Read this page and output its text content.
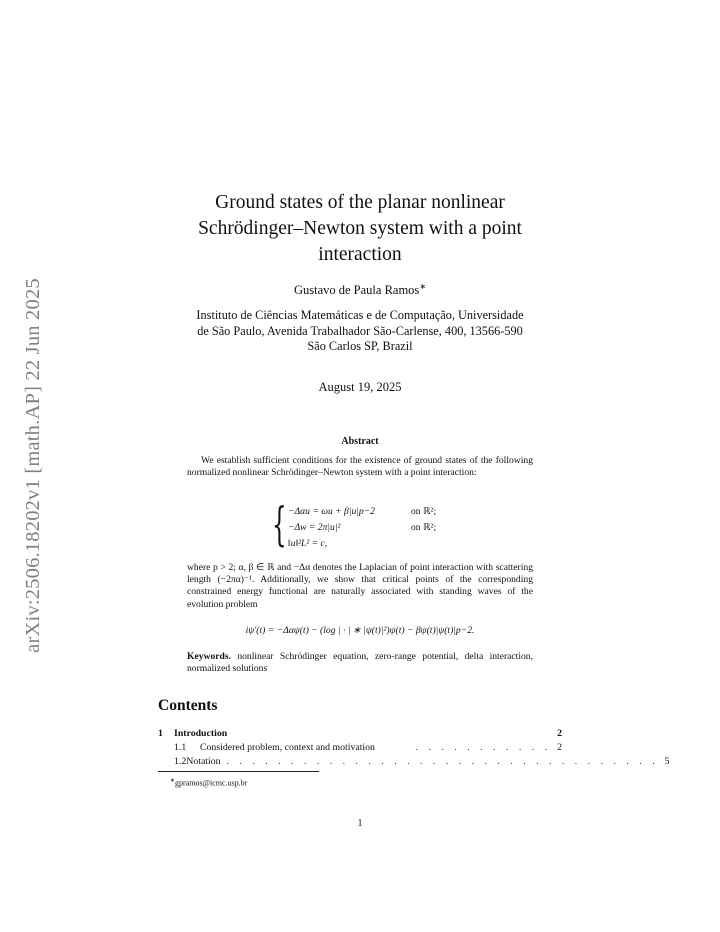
arXiv:2506.18202v1 [math.AP] 22 Jun 2025
Ground states of the planar nonlinear
Schrödinger–Newton system with a point
interaction
Gustavo de Paula Ramos∗
Instituto de Ciências Matemáticas e de Computação, Universidade
de São Paulo, Avenida Trabalhador São-Carlense, 400, 13566-590
São Carlos SP, Brazil
August 19, 2025
Abstract
We establish sufficient conditions for the existence of ground states of the following normalized nonlinear Schrödinger–Newton system with a point interaction:
{ −Δαu = ωu + β|u|p−2	on ℝ²;
−Δw = 2π|u|²	on ℝ²;
‖u‖²L² = c,
where p > 2; α, β ∈ ℝ and −Δα denotes the Laplacian of point interaction with scattering length (−2πα)⁻¹. Additionally, we show that critical points of the corresponding constrained energy functional are naturally associated with standing waves of the evolution problem
iψ′(t) = −Δαψ(t) − (log | · | ∗ |ψ(t)|²)ψ(t) − βψ(t)|ψ(t)|p−2.
Keywords. nonlinear Schrödinger equation, zero-range potential, delta interaction, normalized solutions
Contents
1	Introduction	2
1.1	Considered problem, context and motivation	. . . . . . . . . . . 2
1.2 Notation . . . . . . . . . . . . . . . . . . . . . . . . . . . . . . . . . . 5
∗gpramos@icmc.usp.br
1
